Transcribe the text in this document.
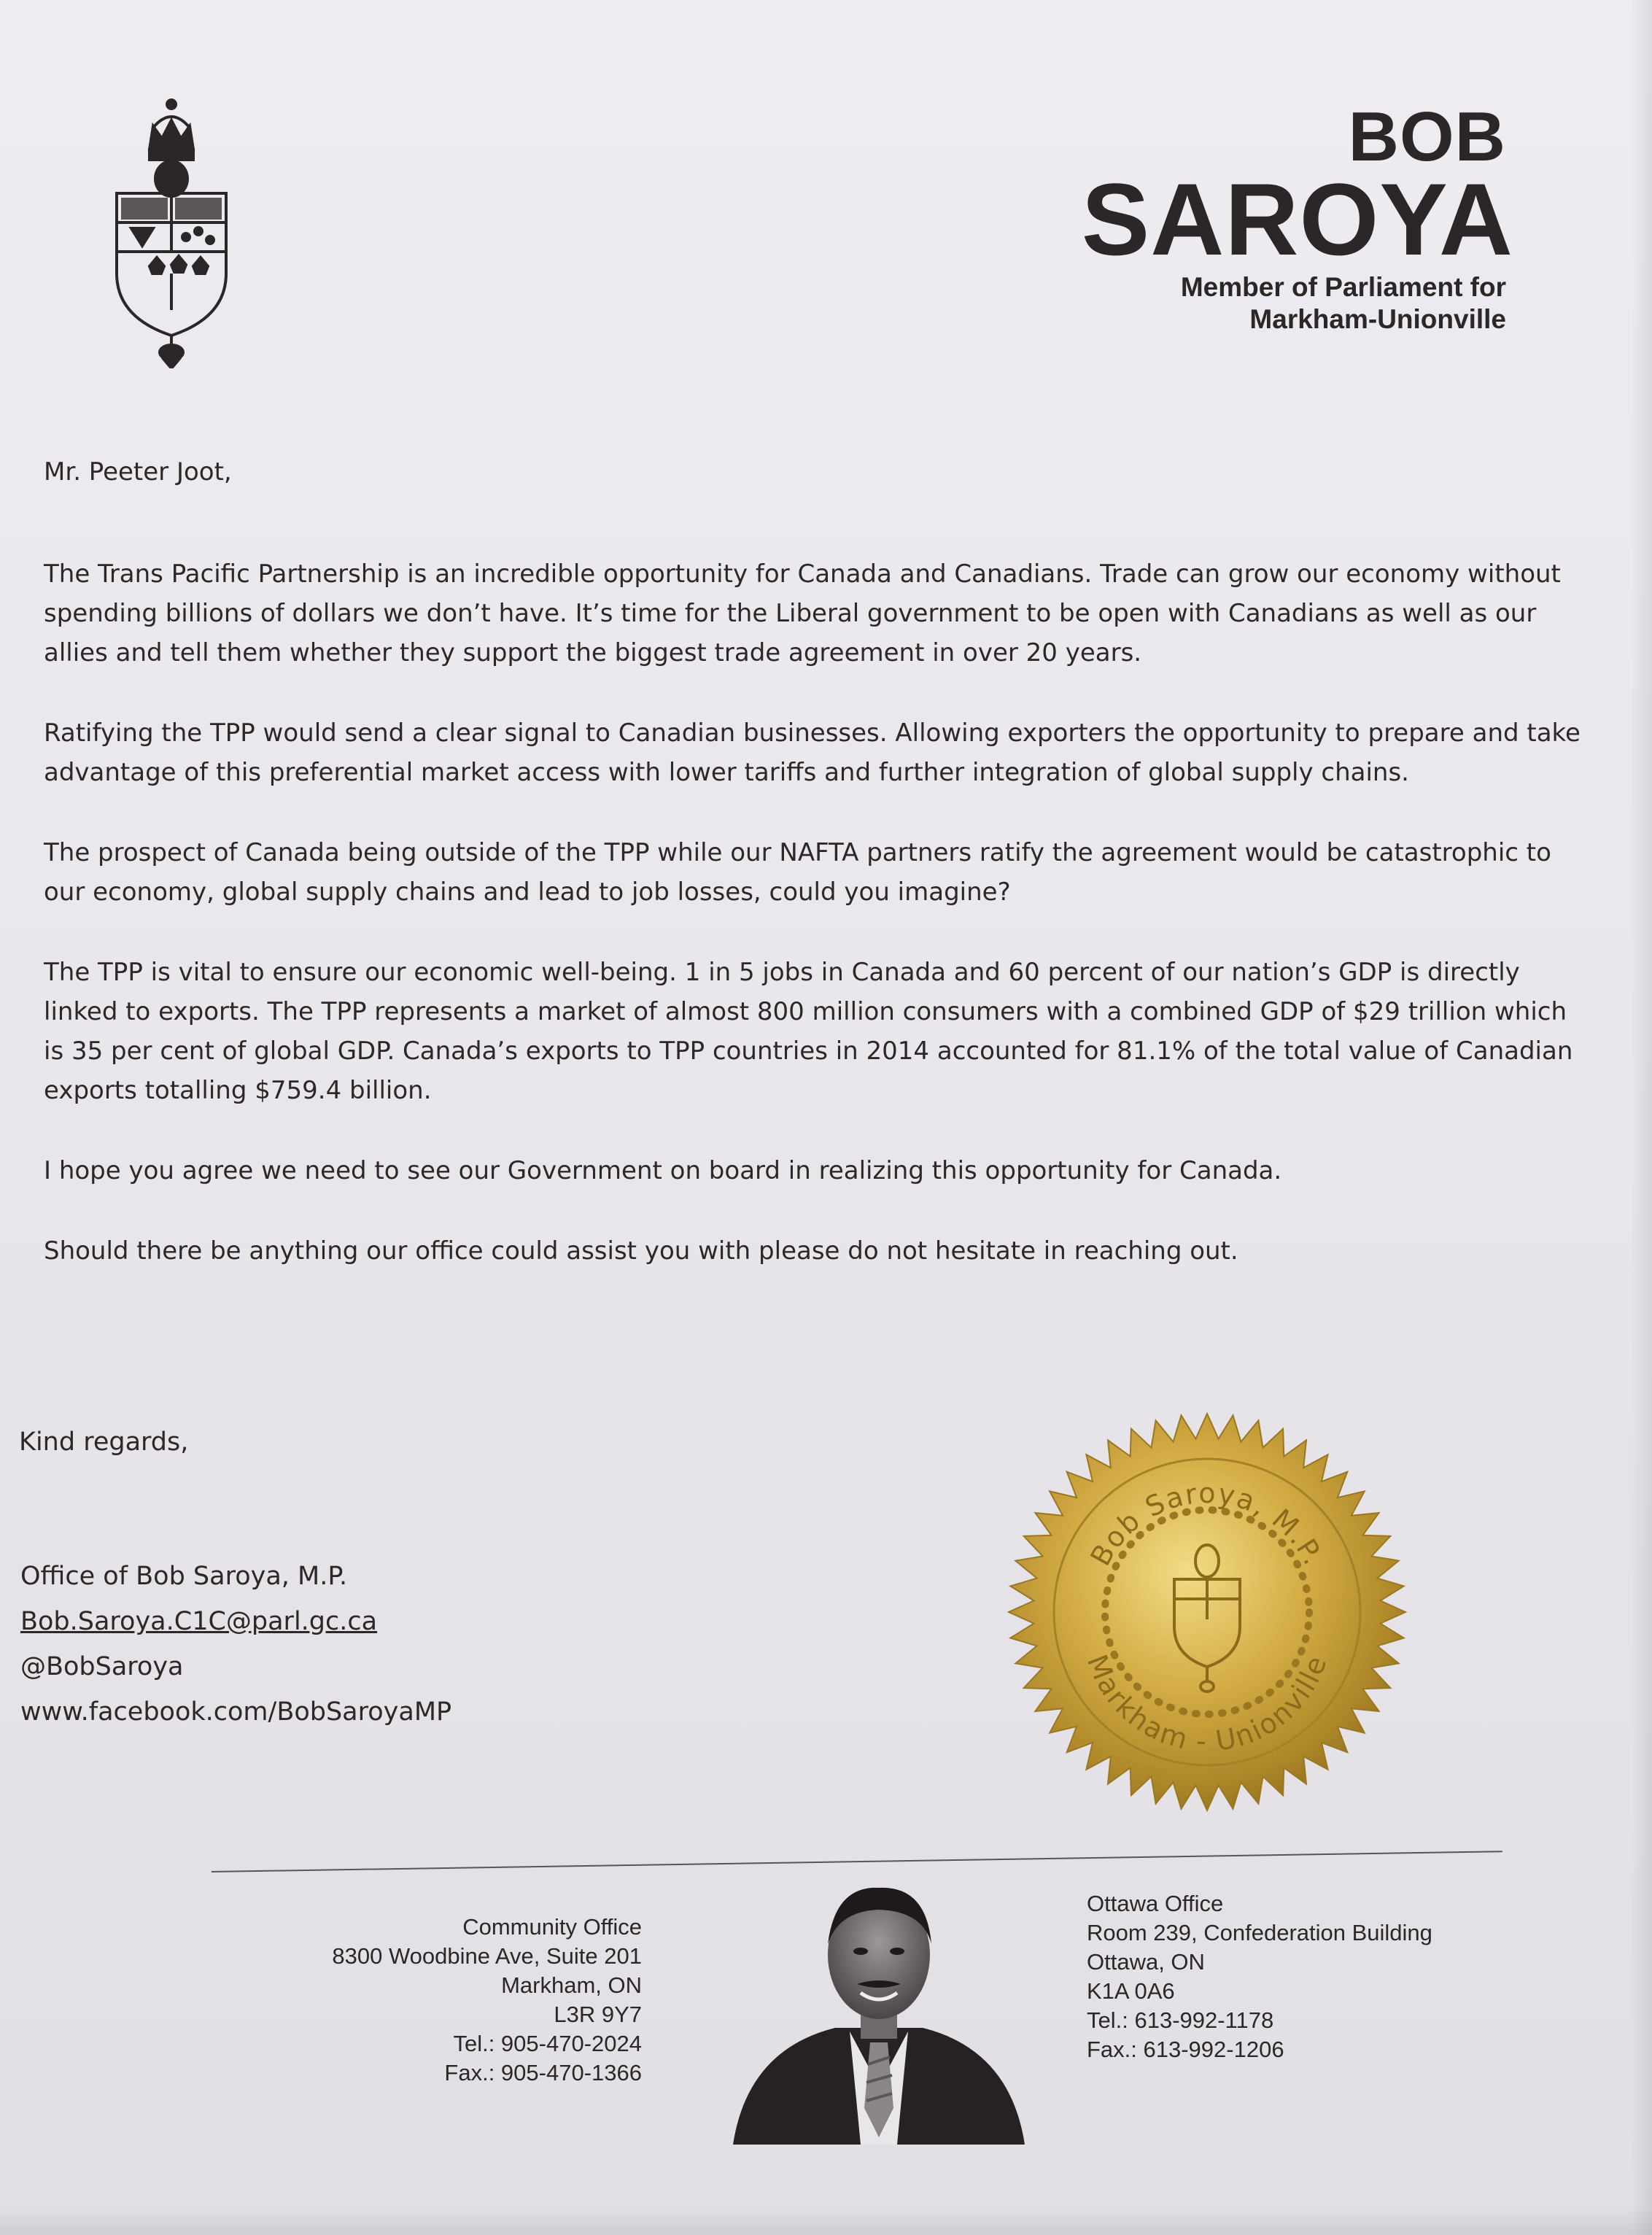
BOB
SAROYA
Member of Parliament for
Markham-Unionville

Mr. Peeter Joot,

The Trans Pacific Partnership is an incredible opportunity for Canada and Canadians. Trade can grow our economy without spending billions of dollars we don’t have. It’s time for the Liberal government to be open with Canadians as well as our allies and tell them whether they support the biggest trade agreement in over 20 years.

Ratifying the TPP would send a clear signal to Canadian businesses. Allowing exporters the opportunity to prepare and take advantage of this preferential market access with lower tariffs and further integration of global supply chains.

The prospect of Canada being outside of the TPP while our NAFTA partners ratify the agreement would be catastrophic to our economy, global supply chains and lead to job losses, could you imagine?

The TPP is vital to ensure our economic well-being. 1 in 5 jobs in Canada and 60 percent of our nation’s GDP is directly linked to exports. The TPP represents a market of almost 800 million consumers with a combined GDP of $29 trillion which is 35 per cent of global GDP. Canada’s exports to TPP countries in 2014 accounted for 81.1% of the total value of Canadian exports totalling $759.4 billion.

I hope you agree we need to see our Government on board in realizing this opportunity for Canada.

Should there be anything our office could assist you with please do not hesitate in reaching out.

Kind regards,
Office of Bob Saroya, M.P.
Bob.Saroya.C1C@parl.gc.ca
@BobSaroya
www.facebook.com/BobSaroyaMP
Bob Saroya, M.P.
Markham - Unionville
Community Office
8300 Woodbine Ave, Suite 201
Markham, ON
L3R 9Y7
Tel.: 905-470-2024
Fax.: 905-470-1366
Ottawa Office
Room 239, Confederation Building
Ottawa, ON
K1A 0A6
Tel.: 613-992-1178
Fax.: 613-992-1206
